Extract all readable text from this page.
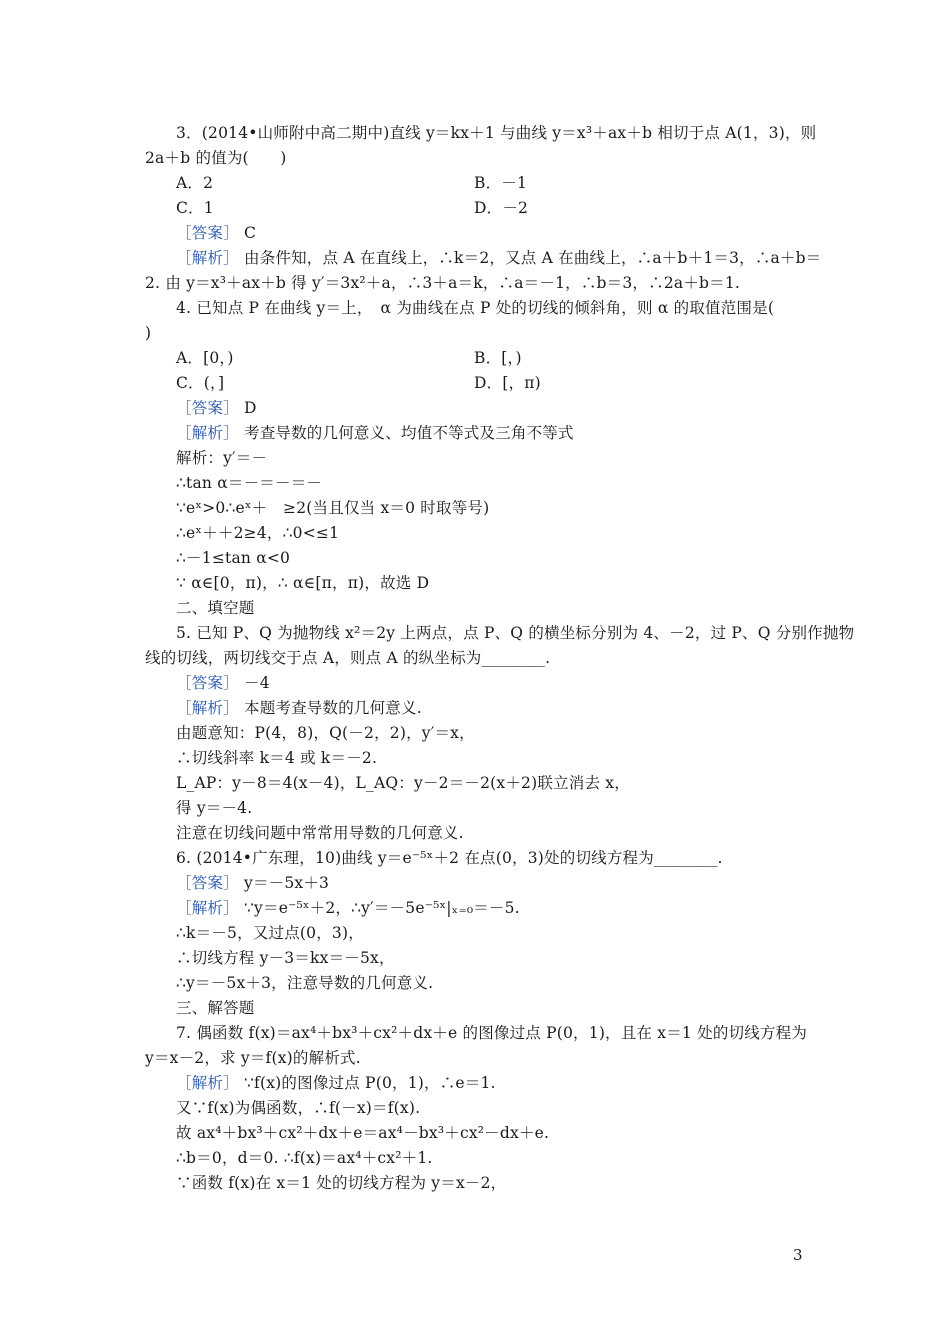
3．(2014•山师附中高二期中)直线 y＝kx＋1 与曲线 y＝x³＋ax＋b 相切于点 A(1，3)，则
2a＋b 的值为(　　)
A．2	B．－1
C．1	D．－2
［答案］ C
［解析］ 由条件知，点 A 在直线上，∴k＝2，又点 A 在曲线上，∴a＋b＋1＝3，∴a＋b＝
2. 由 y＝x³＋ax＋b 得 y′＝3x²＋a，∴3＋a＝k，∴a＝－1，∴b＝3，∴2a＋b＝1.
4. 已知点 P 在曲线 y＝上，　α 为曲线在点 P 处的切线的倾斜角，则 α 的取值范围是(
)
A．[0，)	B．[，)
C．(，]	D．[，π)
［答案］ D
［解析］ 考查导数的几何意义、均值不等式及三角不等式
解析：y′＝－
∴tan α＝－＝－＝－
∵eˣ>0∴eˣ＋　≥2(当且仅当 x＝0 时取等号)
∴eˣ＋＋2≥4，∴0<≤1
∴－1≤tan α<0
∵ α∈[0，π)，∴ α∈[π，π)，故选 D
二、填空题
5. 已知 P、Q 为抛物线 x²＝2y 上两点，点 P、Q 的横坐标分别为 4、－2，过 P、Q 分别作抛物
线的切线，两切线交于点 A，则点 A 的纵坐标为________.
［答案］ －4
［解析］ 本题考查导数的几何意义.
由题意知：P(4，8)，Q(－2，2)，y′＝x，
∴切线斜率 k＝4 或 k＝－2.
L_AP：y－8＝4(x－4)，L_AQ：y－2＝－2(x＋2)联立消去 x，
得 y＝－4.
注意在切线问题中常常用导数的几何意义.
6. (2014•广东理，10)曲线 y＝e⁻⁵ˣ＋2 在点(0，3)处的切线方程为________.
［答案］ y＝－5x＋3
［解析］ ∵y＝e⁻⁵ˣ＋2，∴y′＝－5e⁻⁵ˣ|ₓ₌₀＝－5.
∴k＝－5，又过点(0，3)，
∴切线方程 y－3＝kx＝－5x，
∴y＝－5x＋3，注意导数的几何意义.
三、解答题
7. 偶函数 f(x)＝ax⁴＋bx³＋cx²＋dx＋e 的图像过点 P(0，1)，且在 x＝1 处的切线方程为
y＝x－2，求 y＝f(x)的解析式.
［解析］ ∵f(x)的图像过点 P(0，1)，∴e＝1.
又∵f(x)为偶函数，∴f(－x)＝f(x).
故 ax⁴＋bx³＋cx²＋dx＋e＝ax⁴－bx³＋cx²－dx＋e.
∴b＝0，d＝0. ∴f(x)＝ax⁴＋cx²＋1.
∵函数 f(x)在 x＝1 处的切线方程为 y＝x－2，
3
